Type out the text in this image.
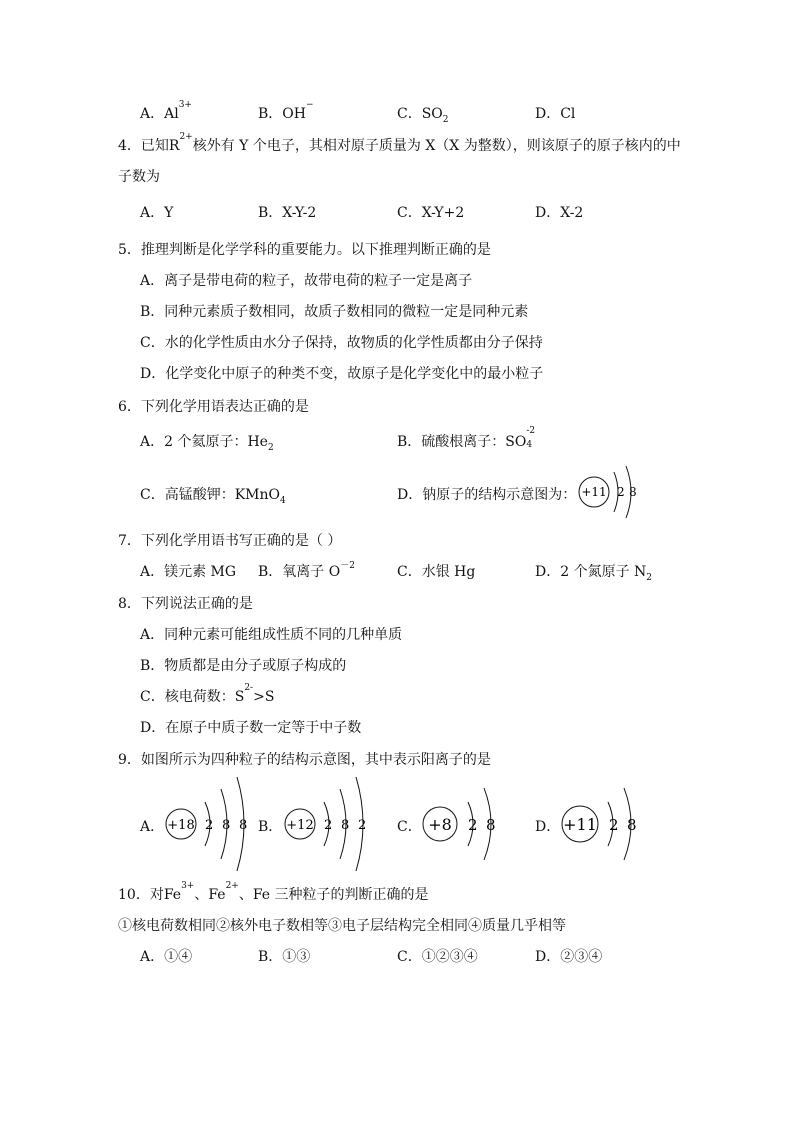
A．$Al^{3+}$
B．OH−
C．$SO_2$	D．Cl
4．已知$R^{2+}$核外有 Y 个电子，其相对原子质量为 X（X 为整数），则该原子的原子核内的中
子数为
A．Y	B．X-Y-2	C．X-Y+2	D．X-2
5．推理判断是化学学科的重要能力。以下推理判断正确的是
A．离子是带电荷的粒子，故带电荷的粒子一定是离子
B．同种元素质子数相同，故质子数相同的微粒一定是同种元素
C．水的化学性质由水分子保持，故物质的化学性质都由分子保持
D．化学变化中原子的种类不变，故原子是化学变化中的最小粒子
6．下列化学用语表达正确的是
A．2 个氦原子：$He_2$	B．硫酸根离子：SO
-2
4
C．高锰酸钾：KMnO$_4$	D．钠原子的结构示意图为： +11 2 8
7．下列化学用语书写正确的是（ ）
A．镁元素 MG B．氧离子 $O^{-2}$	C．水银 Hg	D．2 个氮原子 $N_2$
8．下列说法正确的是
A．同种元素可能组成性质不同的几种单质
B．物质都是由分子或原子构成的
C．核电荷数：$S^{2-}>S$
D．在原子中质子数一定等于中子数
9．如图所示为四种粒子的结构示意图，其中表示阳离子的是
A． +18 2 8 8 B． +12 2 8 2 C． +8 2 8	D． +11 2 8
10．对$Fe^{3+}$、$Fe^{2+}$、Fe 三种粒子的判断正确的是
①核电荷数相同②核外电子数相等③电子层结构完全相同④质量几乎相等
A．①④	B．①③	C．①②③④	D．②③④
